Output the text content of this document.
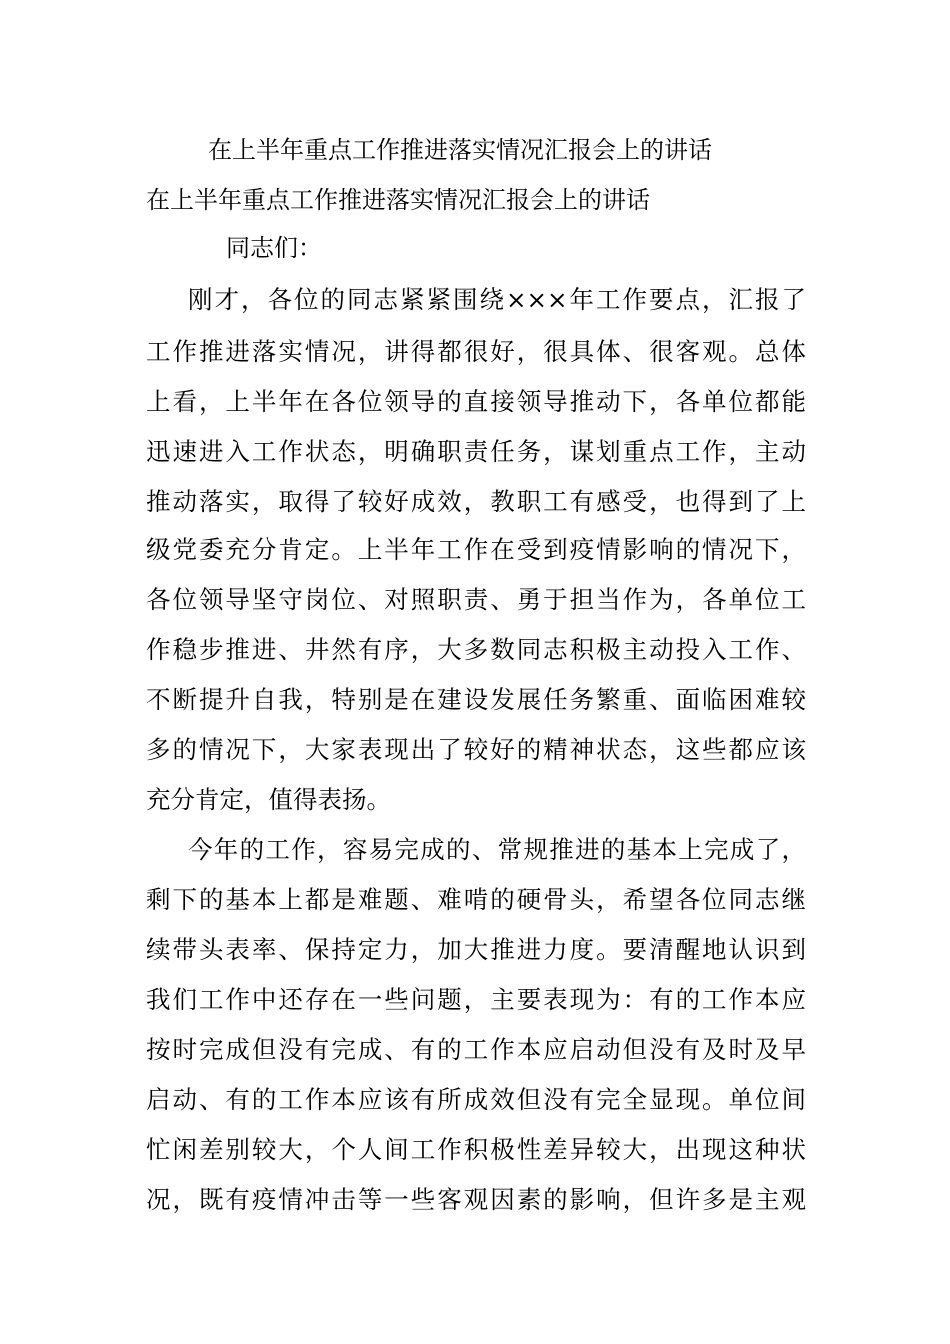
在上半年重点工作推进落实情况汇报会上的讲话
在上半年重点工作推进落实情况汇报会上的讲话
同志们：
刚才，各位的同志紧紧围绕×××年工作要点，汇报了
工作推进落实情况，讲得都很好，很具体、很客观。总体
上看，上半年在各位领导的直接领导推动下，各单位都能
迅速进入工作状态，明确职责任务，谋划重点工作，主动
推动落实，取得了较好成效，教职工有感受，也得到了上
级党委充分肯定。上半年工作在受到疫情影响的情况下，
各位领导坚守岗位、对照职责、勇于担当作为，各单位工
作稳步推进、井然有序，大多数同志积极主动投入工作、
不断提升自我，特别是在建设发展任务繁重、面临困难较
多的情况下，大家表现出了较好的精神状态，这些都应该
充分肯定，值得表扬。
今年的工作，容易完成的、常规推进的基本上完成了，
剩下的基本上都是难题、难啃的硬骨头，希望各位同志继
续带头表率、保持定力，加大推进力度。要清醒地认识到
我们工作中还存在一些问题，主要表现为：有的工作本应
按时完成但没有完成、有的工作本应启动但没有及时及早
启动、有的工作本应该有所成效但没有完全显现。单位间
忙闲差别较大，个人间工作积极性差异较大，出现这种状
况，既有疫情冲击等一些客观因素的影响，但许多是主观
